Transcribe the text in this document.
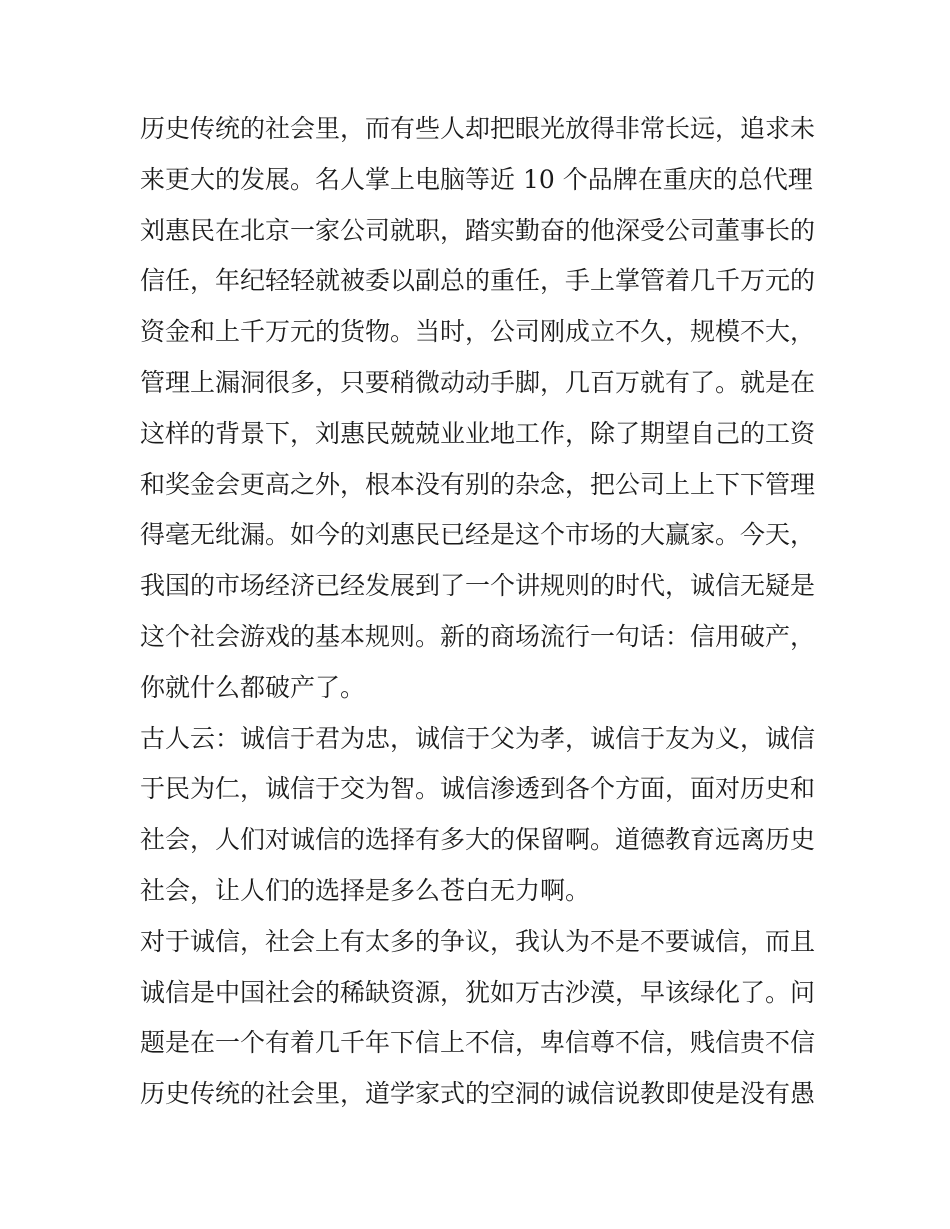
历史传统的社会里，而有些人却把眼光放得非常长远，追求未
来更大的发展。名人掌上电脑等近 10 个品牌在重庆的总代理
刘惠民在北京一家公司就职，踏实勤奋的他深受公司董事长的
信任，年纪轻轻就被委以副总的重任，手上掌管着几千万元的
资金和上千万元的货物。当时，公司刚成立不久，规模不大，
管理上漏洞很多，只要稍微动动手脚，几百万就有了。就是在
这样的背景下，刘惠民兢兢业业地工作，除了期望自己的工资
和奖金会更高之外，根本没有别的杂念，把公司上上下下管理
得毫无纰漏。如今的刘惠民已经是这个市场的大赢家。今天，
我国的市场经济已经发展到了一个讲规则的时代，诚信无疑是
这个社会游戏的基本规则。新的商场流行一句话：信用破产，
你就什么都破产了。
古人云：诚信于君为忠，诚信于父为孝，诚信于友为义，诚信
于民为仁，诚信于交为智。诚信渗透到各个方面，面对历史和
社会，人们对诚信的选择有多大的保留啊。道德教育远离历史
社会，让人们的选择是多么苍白无力啊。
对于诚信，社会上有太多的争议，我认为不是不要诚信，而且
诚信是中国社会的稀缺资源，犹如万古沙漠，早该绿化了。问
题是在一个有着几千年下信上不信，卑信尊不信，贱信贵不信
历史传统的社会里，道学家式的空洞的诚信说教即使是没有愚
